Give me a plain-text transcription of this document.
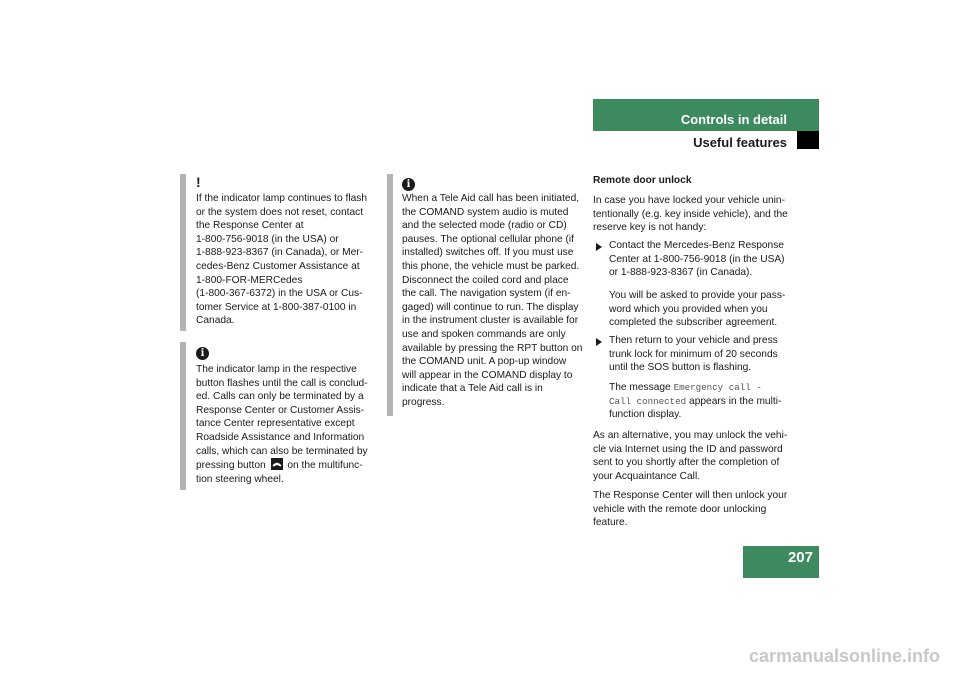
Controls in detail
Useful features
!
If the indicator lamp continues to flash
or the system does not reset, contact
the Response Center at
1-800-756-9018 (in the USA) or
1-888-923-8367 (in Canada), or Mer-
cedes-Benz Customer Assistance at
1-800-FOR-MERCedes
(1-800-367-6372) in the USA or Cus-
tomer Service at 1-800-387-0100 in
Canada.
i
The indicator lamp in the respective
button flashes until the call is conclud-
ed. Calls can only be terminated by a
Response Center or Customer Assis-
tance Center representative except
Roadside Assistance and Information
calls, which can also be terminated by
pressing button on the multifunc-
tion steering wheel.
i
When a Tele Aid call has been initiated,
the COMAND system audio is muted
and the selected mode (radio or CD)
pauses. The optional cellular phone (if
installed) switches off. If you must use
this phone, the vehicle must be parked.
Disconnect the coiled cord and place
the call. The navigation system (if en-
gaged) will continue to run. The display
in the instrument cluster is available for
use and spoken commands are only
available by pressing the RPT button on
the COMAND unit. A pop-up window
will appear in the COMAND display to
indicate that a Tele Aid call is in
progress.
Remote door unlock
In case you have locked your vehicle unin-
tentionally (e.g. key inside vehicle), and the
reserve key is not handy:
Contact the Mercedes-Benz Response
Center at 1-800-756-9018 (in the USA)
or 1-888-923-8367 (in Canada).
You will be asked to provide your pass-
word which you provided when you
completed the subscriber agreement.
Then return to your vehicle and press
trunk lock for minimum of 20 seconds
until the SOS button is flashing.
The message Emergency call -
Call connected appears in the multi-
function display.
As an alternative, you may unlock the vehi-
cle via Internet using the ID and password
sent to you shortly after the completion of
your Acquaintance Call.
The Response Center will then unlock your
vehicle with the remote door unlocking
feature.
207
carmanualsonline.info
